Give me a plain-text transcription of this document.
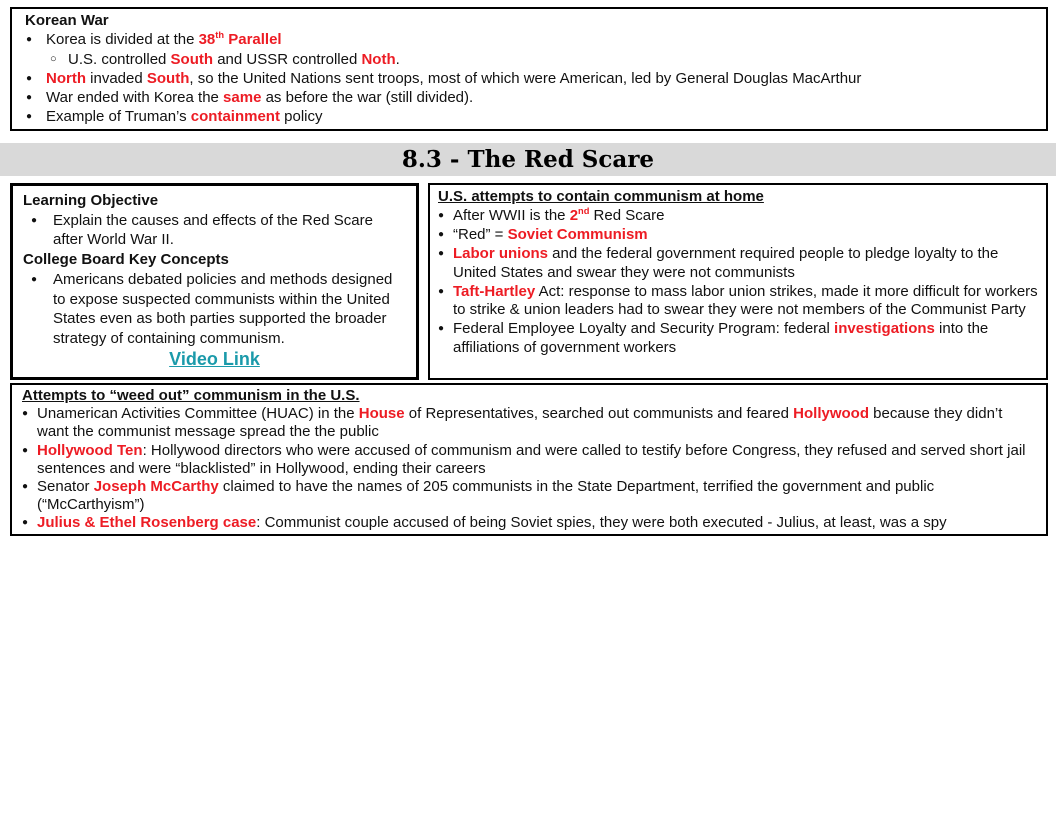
Korean War
● Korea is divided at the 38th Parallel
○ U.S. controlled South and USSR controlled Noth.
● North invaded South, so the United Nations sent troops, most of which were American, led by General Douglas MacArthur
● War ended with Korea the same as before the war (still divided).
● Example of Truman’s containment policy
8.3 - The Red Scare
Learning Objective
● Explain the causes and effects of the Red Scare after World War II.
College Board Key Concepts
● Americans debated policies and methods designed to expose suspected communists within the United States even as both parties supported the broader strategy of containing communism.
Video Link
U.S. attempts to contain communism at home
● After WWII is the 2nd Red Scare
● “Red” = Soviet Communism
● Labor unions and the federal government required people to pledge loyalty to the United States and swear they were not communists
● Taft-Hartley Act: response to mass labor union strikes, made it more difficult for workers to strike & union leaders had to swear they were not members of the Communist Party
● Federal Employee Loyalty and Security Program: federal investigations into the affiliations of government workers
Attempts to “weed out” communism in the U.S.
● Unamerican Activities Committee (HUAC) in the House of Representatives, searched out communists and feared Hollywood because they didn’t want the communist message spread the the public
● Hollywood Ten: Hollywood directors who were accused of communism and were called to testify before Congress, they refused and served short jail sentences and were “blacklisted” in Hollywood, ending their careers
● Senator Joseph McCarthy claimed to have the names of 205 communists in the State Department, terrified the government and public (“McCarthyism”)
● Julius & Ethel Rosenberg case: Communist couple accused of being Soviet spies, they were both executed - Julius, at least, was a spy
